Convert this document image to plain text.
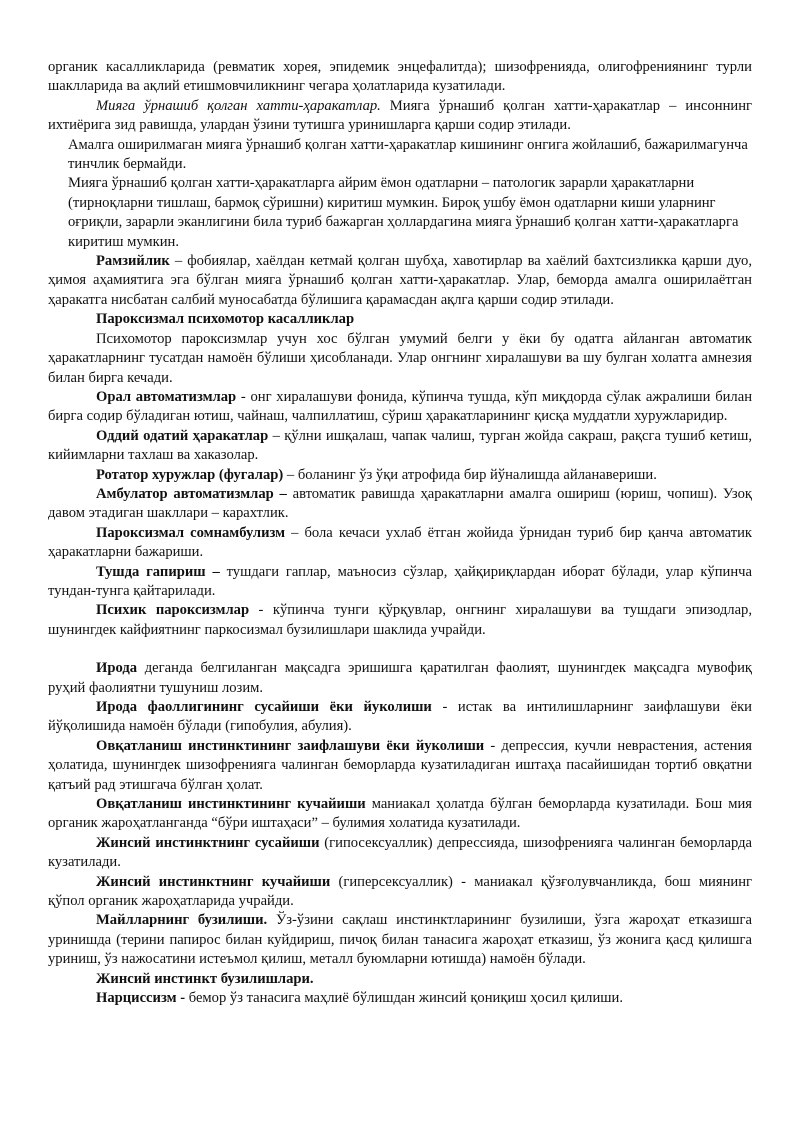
органик касалликларида (ревматик хорея, эпидемик энцефалитда); шизофренияда, олигофрениянинг турли шаклларида ва ақлий етишмовчиликнинг чегара ҳолатларида кузатилади.

Мияга ўрнашиб қолган хатти-ҳаракатлар. Мияга ўрнашиб қолган хатти-ҳаракатлар – инсоннинг ихтиёрига зид равишда, улардан ўзини тутишга уринишларга қарши содир этилади.

Амалга оширилмаган мияга ўрнашиб қолган хатти-ҳаракатлар кишининг онгига жойлашиб, бажарилмагунча тинчлик бермайди.

Мияга ўрнашиб қолган хатти-ҳаракатларга айрим ёмон одатларни – патологик зарарли ҳаракатларни (тирноқларни тишлаш, бармоқ сўришни) киритиш мумкин. Бироқ ушбу ёмон одатларни киши уларнинг оғриқли, зарарли эканлигини била туриб бажарган ҳоллардагина мияга ўрнашиб қолган хатти-ҳаракатларга киритиш мумкин.

Рамзийлик – фобиялар, хаёлдан кетмай қолган шубҳа, хавотирлар ва хаёлий бахтсизликка қарши дуо, ҳимоя аҳамиятига эга бўлган мияга ўрнашиб қолган хатти-ҳаракатлар. Улар, беморда амалга оширилаётган ҳаракатга нисбатан салбий муносабатда бўлишига қарамасдан ақлга қарши содир этилади.

Пароксизмал психомотор касалликлар

Психомотор пароксизмлар учун хос бўлган умумий белги у ёки бу одатга айланган автоматик ҳаракатларнинг тусатдан намоён бўлиши ҳисобланади. Улар онгнинг хиралашуви ва шу булган холатга амнезия билан бирга кечади.

Орал автоматизмлар - онг хиралашуви фонида, кўпинча тушда, кўп миқдорда сўлак ажралиши билан бирга содир бўладиган ютиш, чайнаш, чалпиллатиш, сўриш ҳаракатларининг қисқа муддатли хуружларидир.

Оддий одатий ҳаракатлар – қўлни ишқалаш, чапак чалиш, турган жойда сакраш, рақсга тушиб кетиш, кийимларни тахлаш ва хаказолар.

Ротатор хуружлар (фугалар) – боланинг ўз ўқи атрофида бир йўналишда айланавериши.

Амбулатор автоматизмлар – автоматик равишда ҳаракатларни амалга ошириш (юриш, чопиш). Узоқ давом этадиган шакллари – карахтлик.

Пароксизмал сомнамбулизм – бола кечаси ухлаб ётган жойида ўрнидан туриб бир қанча автоматик ҳаракатларни бажариши.

Тушда гапириш – тушдаги гаплар, маъносиз сўзлар, ҳайқириқлардан иборат бўлади, улар кўпинча тундан-тунга қайтарилади.

Психик пароксизмлар - кўпинча тунги қўрқувлар, онгнинг хиралашуви ва тушдаги эпизодлар, шунингдек кайфиятнинг паркосизмал бузилишлари шаклида учрайди.

Ирода деганда белгиланган мақсадга эришишга қаратилган фаолият, шунингдек мақсадга мувофиқ руҳий фаолиятни тушуниш лозим.

Ирода фаоллигининг сусайиши ёки йуколиши - истак ва интилишларнинг заифлашуви ёки йўқолишида намоён бўлади (гипобулия, абулия).

Овқатланиш инстинктининг заифлашуви ёки йуколиши - депрессия, кучли неврастения, астения ҳолатида, шунингдек шизофренияга чалинган беморларда кузатиладиган иштаҳа пасайишидан тортиб овқатни қатъий рад этишгача бўлган ҳолат.

Овқатланиш инстинктининг кучайиши маниакал ҳолатда бўлган беморларда кузатилади. Бош мия органик жароҳатланганда “бўри иштаҳаси” – булимия холатида кузатилади.

Жинсий инстинктнинг сусайиши (гипосексуаллик) депрессияда, шизофренияга чалинган беморларда кузатилади.

Жинсий инстинктнинг кучайиши (гиперсексуаллик) - маниакал қўзғолувчанликда, бош миянинг қўпол органик жароҳатларида учрайди.

Майлларнинг бузилиши. Ўз-ўзини сақлаш инстинктларининг бузилиши, ўзга жароҳат етказишга уринишда (терини папирос билан куйдириш, пичоқ билан танасига жароҳат етказиш, ўз жонига қасд қилишга уриниш, ўз нажосатини истеъмол қилиш, металл буюмларни ютишда) намоён бўлади.

Жинсий инстинкт бузилишлари.

Нарциссизм - бемор ўз танасига маҳлиё бўлишдан жинсий қониқиш ҳосил қилиши.
